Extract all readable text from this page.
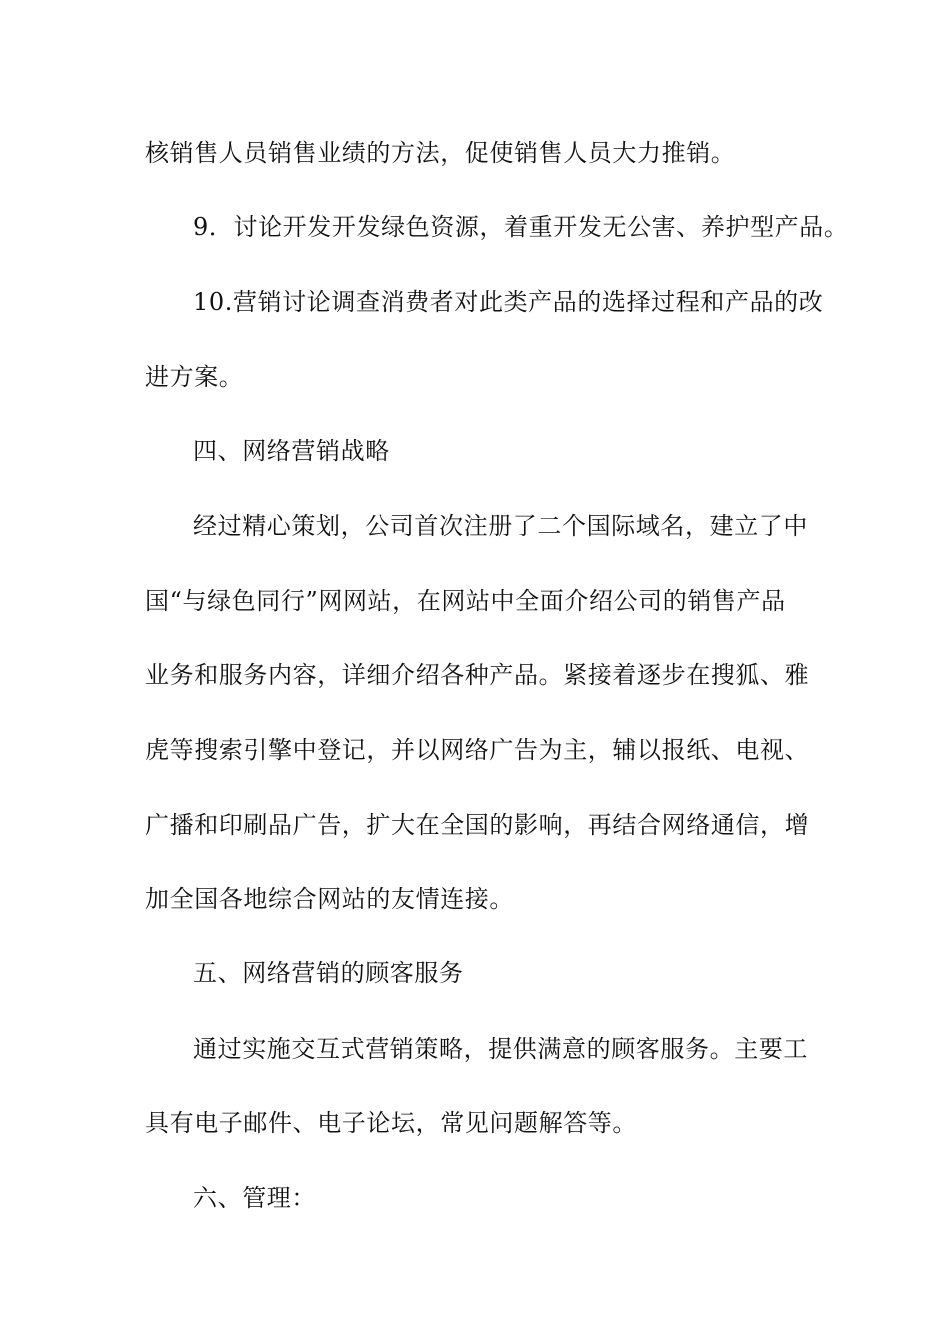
核销售人员销售业绩的方法，促使销售人员大力推销。
9．讨论开发开发绿色资源，着重开发无公害、养护型产品。
10.营销讨论调查消费者对此类产品的选择过程和产品的改
进方案。
四、网络营销战略
经过精心策划，公司首次注册了二个国际域名，建立了中
国“与绿色同行”网网站，在网站中全面介绍公司的销售产品
业务和服务内容，详细介绍各种产品。紧接着逐步在搜狐、雅
虎等搜索引擎中登记，并以网络广告为主，辅以报纸、电视、
广播和印刷品广告，扩大在全国的影响，再结合网络通信，增
加全国各地综合网站的友情连接。
五、网络营销的顾客服务
通过实施交互式营销策略，提供满意的顾客服务。主要工
具有电子邮件、电子论坛，常见问题解答等。
六、管理：
